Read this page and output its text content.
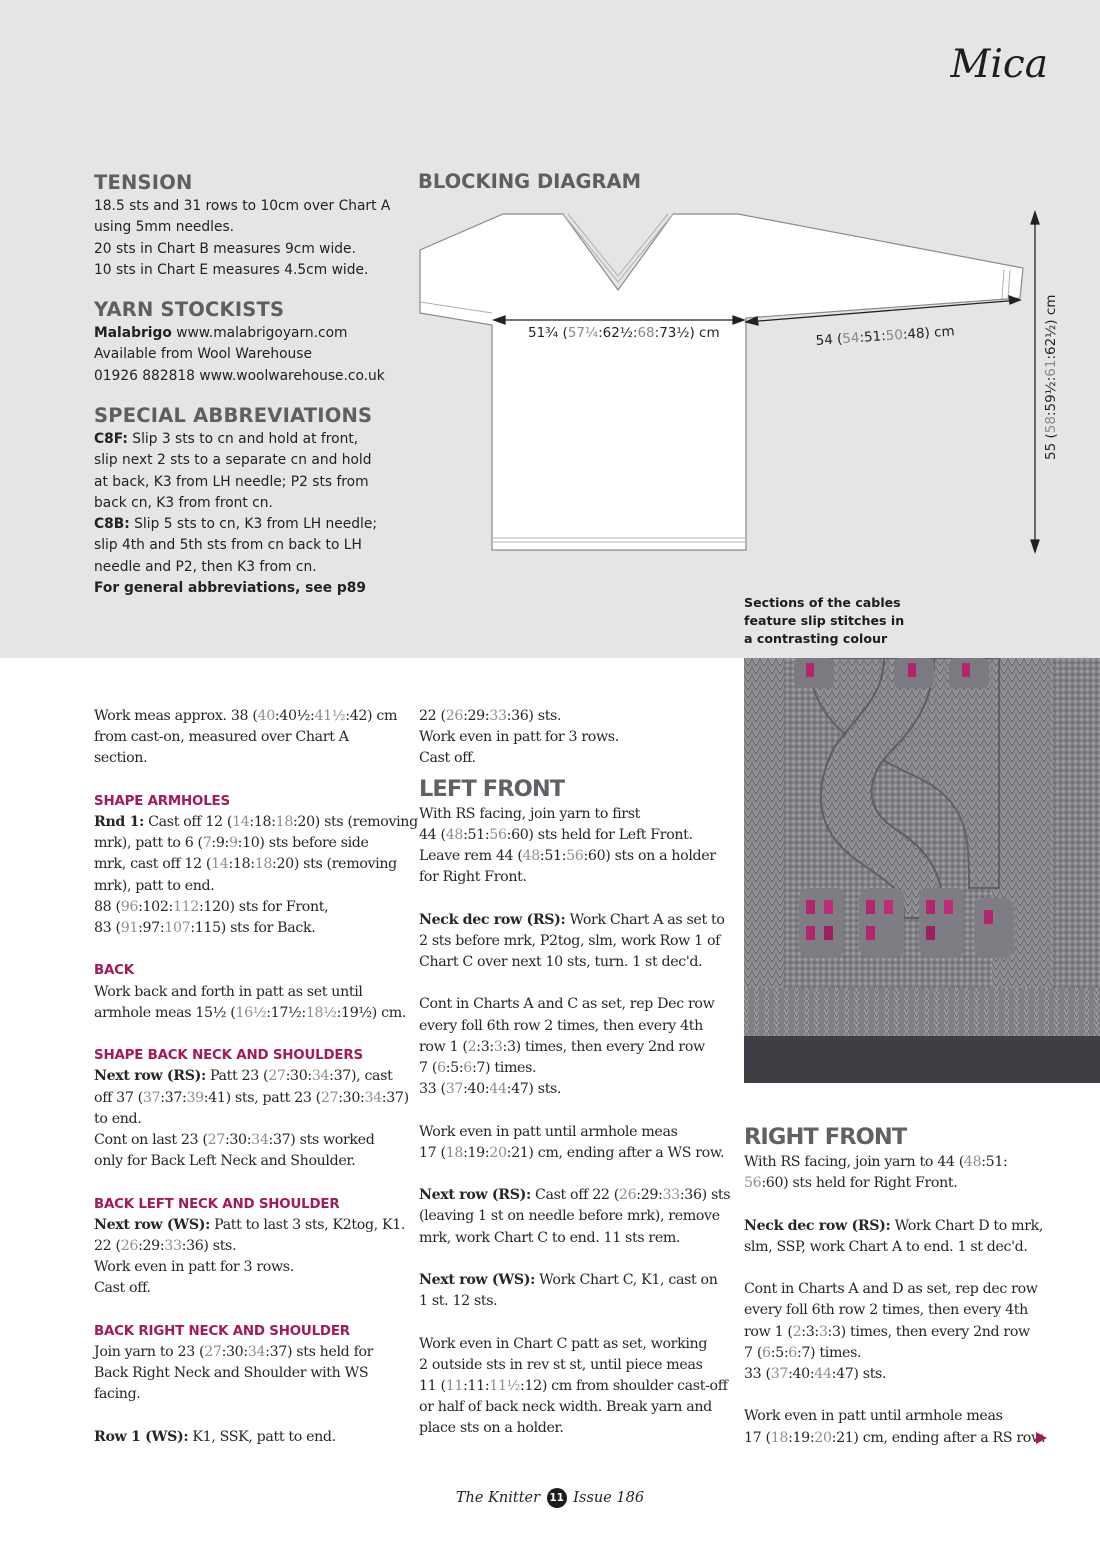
Mica
TENSION
18.5 sts and 31 rows to 10cm over Chart A
using 5mm needles.
20 sts in Chart B measures 9cm wide.
10 sts in Chart E measures 4.5cm wide.
YARN STOCKISTS
Malabrigo www.malabrigoyarn.com
Available from Wool Warehouse
01926 882818 www.woolwarehouse.co.uk
SPECIAL ABBREVIATIONS
C8F: Slip 3 sts to cn and hold at front,
slip next 2 sts to a separate cn and hold
at back, K3 from LH needle; P2 sts from
back cn, K3 from front cn.
C8B: Slip 5 sts to cn, K3 from LH needle;
slip 4th and 5th sts from cn back to LH
needle and P2, then K3 from cn.
For general abbreviations, see p89
BLOCKING DIAGRAM
51¾ (57¼:62½:68:73½) cm	54 (54:51:50:48) cm
55 (58:59½:61:62½) cm
Sections of the cables
feature slip stitches in
a contrasting colour

Work meas approx. 38 (40:40½:41½:42) cm

from cast-on, measured over Chart A

section.

SHAPE ARMHOLES

Rnd 1: Cast off 12 (14:18:18:20) sts (removing

mrk), patt to 6 (7:9:9:10) sts before side

mrk, cast off 12 (14:18:18:20) sts (removing

mrk), patt to end.

88 (96:102:112:120) sts for Front,

83 (91:97:107:115) sts for Back.

BACK

Work back and forth in patt as set until

armhole meas 15½ (16½:17½:18½:19½) cm.

SHAPE BACK NECK AND SHOULDERS

Next row (RS): Patt 23 (27:30:34:37), cast

off 37 (37:37:39:41) sts, patt 23 (27:30:34:37)

to end.

Cont on last 23 (27:30:34:37) sts worked

only for Back Left Neck and Shoulder.

BACK LEFT NECK AND SHOULDER

Next row (WS): Patt to last 3 sts, K2tog, K1.

22 (26:29:33:36) sts.

Work even in patt for 3 rows.

Cast off.

BACK RIGHT NECK AND SHOULDER

Join yarn to 23 (27:30:34:37) sts held for

Back Right Neck and Shoulder with WS

facing.

Row 1 (WS): K1, SSK, patt to end.

22 (26:29:33:36) sts.

Work even in patt for 3 rows.

Cast off.

LEFT FRONT

With RS facing, join yarn to first

44 (48:51:56:60) sts held for Left Front.

Leave rem 44 (48:51:56:60) sts on a holder

for Right Front.

Neck dec row (RS): Work Chart A as set to

2 sts before mrk, P2tog, slm, work Row 1 of

Chart C over next 10 sts, turn. 1 st dec'd.

Cont in Charts A and C as set, rep Dec row

every foll 6th row 2 times, then every 4th

row 1 (2:3:3:3) times, then every 2nd row

7 (6:5:6:7) times.

33 (37:40:44:47) sts.

Work even in patt until armhole meas

17 (18:19:20:21) cm, ending after a WS row.

Next row (RS): Cast off 22 (26:29:33:36) sts

(leaving 1 st on needle before mrk), remove

mrk, work Chart C to end. 11 sts rem.

Next row (WS): Work Chart C, K1, cast on

1 st. 12 sts.

Work even in Chart C patt as set, working

2 outside sts in rev st st, until piece meas

11 (11:11:11½:12) cm from shoulder cast-off

or half of back neck width. Break yarn and

place sts on a holder.

RIGHT FRONT

With RS facing, join yarn to 44 (48:51:

56:60) sts held for Right Front.

Neck dec row (RS): Work Chart D to mrk,

slm, SSP, work Chart A to end. 1 st dec'd.

Cont in Charts A and D as set, rep dec row

every foll 6th row 2 times, then every 4th

row 1 (2:3:3:3) times, then every 2nd row

7 (6:5:6:7) times.

33 (37:40:44:47) sts.

Work even in patt until armhole meas

17 (18:19:20:21) cm, ending after a RS row.

The Knitter 11 Issue 186
